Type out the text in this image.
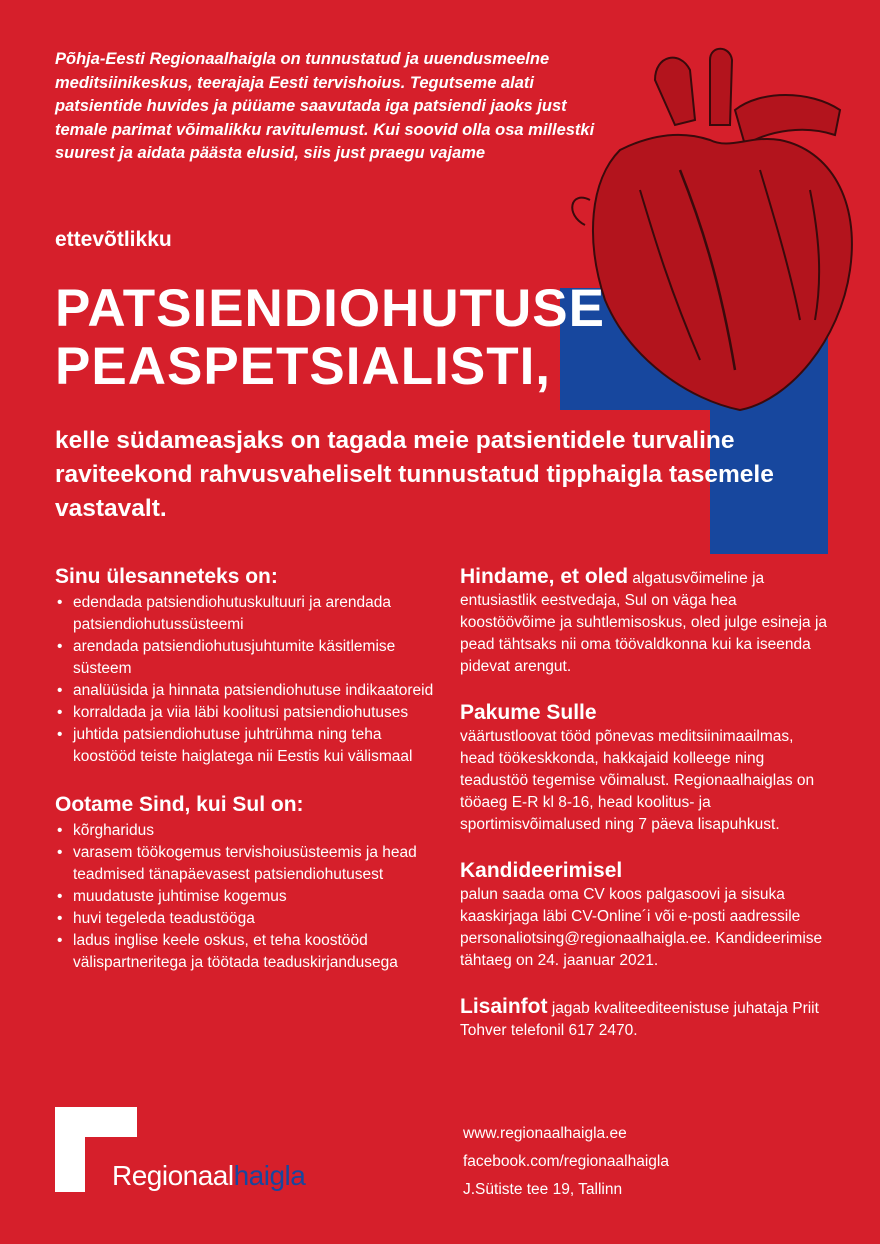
Põhja-Eesti Regionaalhaigla on tunnustatud ja uuendusmeelne meditsiinikeskus, teerajaja Eesti tervishoius. Tegutseme alati patsientide huvides ja püüame saavutada iga patsiendi jaoks just temale parimat võimalikku ravitulemust. Kui soovid olla osa millestki suurest ja aidata päästa elusid, siis just praegu vajame

ettevõtlikku

PATSIENDIOHUTUSE
PEASPETSIALISTI,

kelle südameasjaks on tagada meie patsientidele turvaline raviteekond rahvusvaheliselt tunnustatud tipphaigla tasemele vastavalt.

Sinu ülesanneteks on:
• edendada patsiendiohutuskultuuri ja arendada patsiendiohutussüsteemi
• arendada patsiendiohutusjuhtumite käsitlemise süsteem
• analüüsida ja hinnata patsiendiohutuse indikaatoreid
• korraldada ja viia läbi koolitusi patsiendiohutuses
• juhtida patsiendiohutuse juhtrühma ning teha koostööd teiste haiglatega nii Eestis kui välismaal
Ootame Sind, kui Sul on:
• kõrgharidus
• varasem töökogemus tervishoiusüsteemis ja head teadmised tänapäevasest patsiendiohutusest
• muudatuste juhtimise kogemus
• huvi tegeleda teadustööga
• ladus inglise keele oskus, et teha koostööd välispartneritega ja töötada teaduskirjandusega

Hindame, et oled algatusvõimeline ja entusiastlik eestvedaja, Sul on väga hea koostöövõime ja suhtlemisoskus, oled julge esineja ja pead tähtsaks nii oma töövaldkonna kui ka iseenda pidevat arengut.

Pakume Sulle
väärtustloovat tööd põnevas meditsiinimaailmas, head töökeskkonda, hakkajaid kolleege ning teadustöö tegemise võimalust. Regionaalhaiglas on tööaeg E-R kl 8-16, head koolitus- ja sportimisvõimalused ning 7 päeva lisapuhkust.

Kandideerimisel
palun saada oma CV koos palgasoovi ja sisuka kaaskirjaga läbi CV-Online´i või e-posti aadressile personaliotsing@regionaalhaigla.ee. Kandideerimise tähtaeg on 24. jaanuar 2021.

Lisainfot jagab kvaliteediteenistuse juhataja Priit Tohver telefonil 617 2470.

Regionaalhaigla
www.regionaalhaigla.ee
facebook.com/regionaalhaigla
J.Sütiste tee 19, Tallinn
